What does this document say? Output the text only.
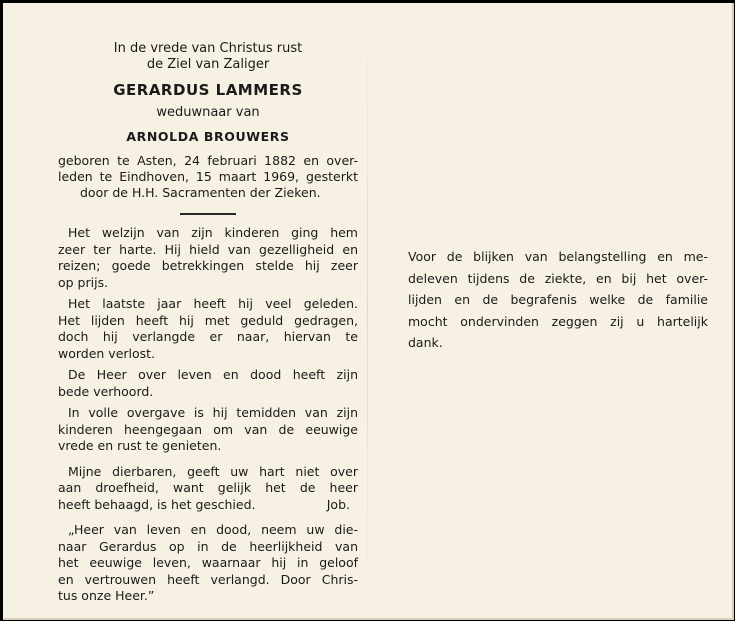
In de vrede van Christus rust
de Ziel van Zaliger
GERARDUS LAMMERS
weduwnaar van
ARNOLDA BROUWERS
geboren te Asten, 24 februari 1882 en over-
leden te Eindhoven, 15 maart 1969, gesterkt
door de H.H. Sacramenten der Zieken.
Het welzijn van zijn kinderen ging hem
zeer ter harte. Hij hield van gezelligheid en
reizen; goede betrekkingen stelde hij zeer
op prijs.
Het laatste jaar heeft hij veel geleden.
Het lijden heeft hij met geduld gedragen,
doch hij verlangde er naar, hiervan te
worden verlost.
De Heer over leven en dood heeft zijn
bede verhoord.
In volle overgave is hij temidden van zijn
kinderen heengegaan om van de eeuwige
vrede en rust te genieten.
Mijne dierbaren, geeft uw hart niet over
aan droefheid, want gelijk het de heer
heeft behaagd, is het geschied.	Job.
„Heer van leven en dood, neem uw die-
naar Gerardus op in de heerlijkheid van
het eeuwige leven, waarnaar hij in geloof
en vertrouwen heeft verlangd. Door Chris-
tus onze Heer.”
Voor de blijken van belangstelling en me-
deleven tijdens de ziekte, en bij het over-
lijden en de begrafenis welke de familie
mocht ondervinden zeggen zij u hartelijk
dank.
